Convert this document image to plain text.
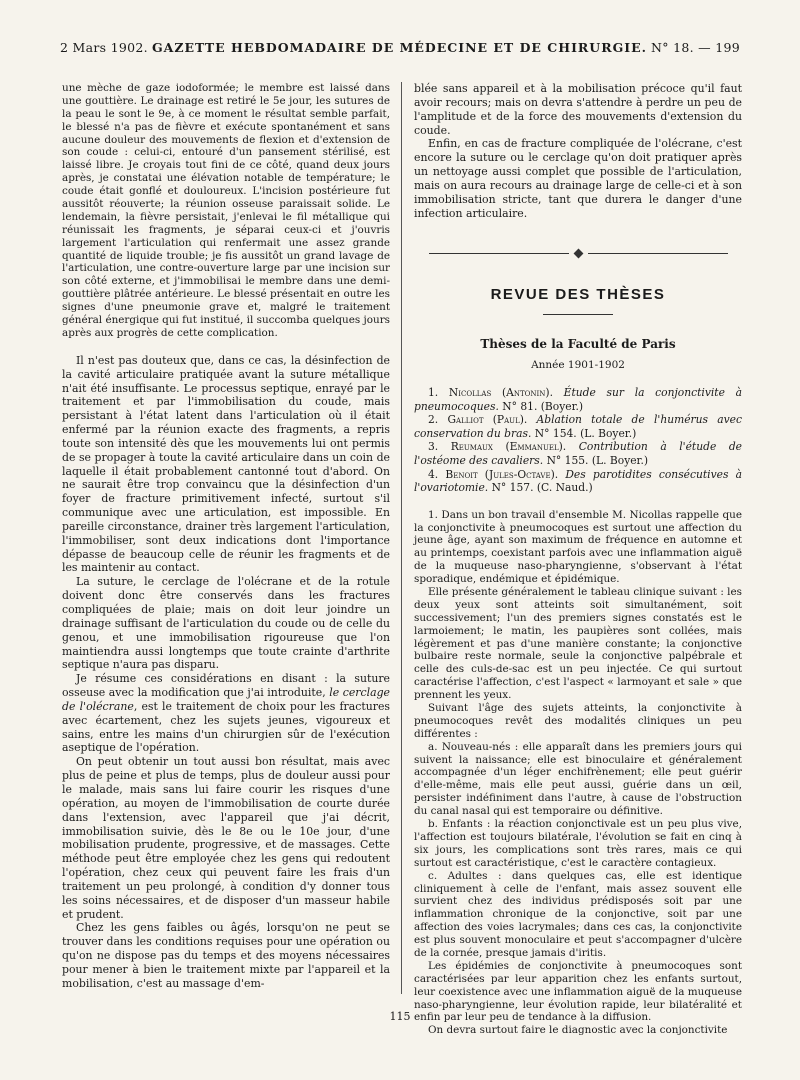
2 Mars 1902. GAZETTE HEBDOMADAIRE DE MÉDECINE ET DE CHIRURGIE. N° 18. — 199

une mèche de gaze iodoformée; le membre est laissé dans une gouttière. Le drainage est retiré le 5e jour, les sutures de la peau le sont le 9e, à ce moment le résultat semble parfait, le blessé n'a pas de fièvre et exécute spontanément et sans aucune douleur des mouvements de flexion et d'extension de son coude : celui-ci, entouré d'un pansement stérilisé, est laissé libre. Je croyais tout fini de ce côté, quand deux jours après, je constatai une élévation notable de température; le coude était gonflé et douloureux. L'incision postérieure fut aussitôt réouverte; la réunion osseuse paraissait solide. Le lendemain, la fièvre persistait, j'enlevai le fil métallique qui réunissait les fragments, je séparai ceux-ci et j'ouvris largement l'articulation qui renfermait une assez grande quantité de liquide trouble; je fis aussitôt un grand lavage de l'articulation, une contre-ouverture large par une incision sur son côté externe, et j'immobilisai le membre dans une demi-gouttière plâtrée antérieure. Le blessé présentait en outre les signes d'une pneumonie grave et, malgré le traitement général énergique qui fut institué, il succomba quelques jours après aux progrès de cette complication.

Il n'est pas douteux que, dans ce cas, la désinfection de la cavité articulaire pratiquée avant la suture métallique n'ait été insuffisante. Le processus septique, enrayé par le traitement et par l'immobilisation du coude, mais persistant à l'état latent dans l'articulation où il était enfermé par la réunion exacte des fragments, a repris toute son intensité dès que les mouvements lui ont permis de se propager à toute la cavité articulaire dans un coin de laquelle il était probablement cantonné tout d'abord. On ne saurait être trop convaincu que la désinfection d'un foyer de fracture primitivement infecté, surtout s'il communique avec une articulation, est impossible. En pareille circonstance, drainer très largement l'articulation, l'immobiliser, sont deux indications dont l'importance dépasse de beaucoup celle de réunir les fragments et de les maintenir au contact.

La suture, le cerclage de l'olécrane et de la rotule doivent donc être conservés dans les fractures compliquées de plaie; mais on doit leur joindre un drainage suffisant de l'articulation du coude ou de celle du genou, et une immobilisation rigoureuse que l'on maintiendra aussi longtemps que toute crainte d'arthrite septique n'aura pas disparu.

Je résume ces considérations en disant : la suture osseuse avec la modification que j'ai introduite, le cerclage de l'olécrane, est le traitement de choix pour les fractures avec écartement, chez les sujets jeunes, vigoureux et sains, entre les mains d'un chirurgien sûr de l'exécution aseptique de l'opération.

On peut obtenir un tout aussi bon résultat, mais avec plus de peine et plus de temps, plus de douleur aussi pour le malade, mais sans lui faire courir les risques d'une opération, au moyen de l'immobilisation de courte durée dans l'extension, avec l'appareil que j'ai décrit, immobilisation suivie, dès le 8e ou le 10e jour, d'une mobilisation prudente, progressive, et de massages. Cette méthode peut être employée chez les gens qui redoutent l'opération, chez ceux qui peuvent faire les frais d'un traitement un peu prolongé, à condition d'y donner tous les soins nécessaires, et de disposer d'un masseur habile et prudent.

Chez les gens faibles ou âgés, lorsqu'on ne peut se trouver dans les conditions requises pour une opération ou qu'on ne dispose pas du temps et des moyens nécessaires pour mener à bien le traitement mixte par l'appareil et la mobilisation, c'est au massage d'em-

blée sans appareil et à la mobilisation précoce qu'il faut avoir recours; mais on devra s'attendre à perdre un peu de l'amplitude et de la force des mouvements d'extension du coude.

Enfin, en cas de fracture compliquée de l'olécrane, c'est encore la suture ou le cerclage qu'on doit pratiquer après un nettoyage aussi complet que possible de l'articulation, mais on aura recours au drainage large de celle-ci et à son immobilisation stricte, tant que durera le danger d'une infection articulaire.

REVUE DES THÈSES
Thèses de la Faculté de Paris
Année 1901-1902

1. Nicollas (Antonin). Étude sur la conjonctivite à pneumocoques. N° 81. (Boyer.)

2. Galliot (Paul). Ablation totale de l'humérus avec conservation du bras. N° 154. (L. Boyer.)

3. Reumaux (Emmanuel). Contribution à l'étude de l'ostéome des cavaliers. N° 155. (L. Boyer.)

4. Benoit (Jules-Octave). Des parotidites consécutives à l'ovariotomie. N° 157. (C. Naud.)

1. Dans un bon travail d'ensemble M. Nicollas rappelle que la conjonctivite à pneumocoques est surtout une affection du jeune âge, ayant son maximum de fréquence en automne et au printemps, coexistant parfois avec une inflammation aiguë de la muqueuse naso-pharyngienne, s'observant à l'état sporadique, endémique et épidémique.

Elle présente généralement le tableau clinique suivant : les deux yeux sont atteints soit simultanément, soit successivement; l'un des premiers signes constatés est le larmoiement; le matin, les paupières sont collées, mais légèrement et pas d'une manière constante; la conjonctive bulbaire reste normale, seule la conjonctive palpébrale et celle des culs-de-sac est un peu injectée. Ce qui surtout caractérise l'affection, c'est l'aspect « larmoyant et sale » que prennent les yeux.

Suivant l'âge des sujets atteints, la conjonctivite à pneumocoques revêt des modalités cliniques un peu différentes :

a. Nouveau-nés : elle apparaît dans les premiers jours qui suivent la naissance; elle est binoculaire et généralement accompagnée d'un léger enchifrènement; elle peut guérir d'elle-même, mais elle peut aussi, guérie dans un œil, persister indéfiniment dans l'autre, à cause de l'obstruction du canal nasal qui est temporaire ou définitive.

b. Enfants : la réaction conjonctivale est un peu plus vive, l'affection est toujours bilatérale, l'évolution se fait en cinq à six jours, les complications sont très rares, mais ce qui surtout est caractéristique, c'est le caractère contagieux.

c. Adultes : dans quelques cas, elle est identique cliniquement à celle de l'enfant, mais assez souvent elle survient chez des individus prédisposés soit par une inflammation chronique de la conjonctive, soit par une affection des voies lacrymales; dans ces cas, la conjonctivite est plus souvent monoculaire et peut s'accompagner d'ulcère de la cornée, presque jamais d'iritis.

Les épidémies de conjonctivite à pneumocoques sont caractérisées par leur apparition chez les enfants surtout, leur coexistence avec une inflammation aiguë de la muqueuse naso-pharyngienne, leur évolution rapide, leur bilatéralité et enfin par leur peu de tendance à la diffusion.

On devra surtout faire le diagnostic avec la conjonctivite

115
